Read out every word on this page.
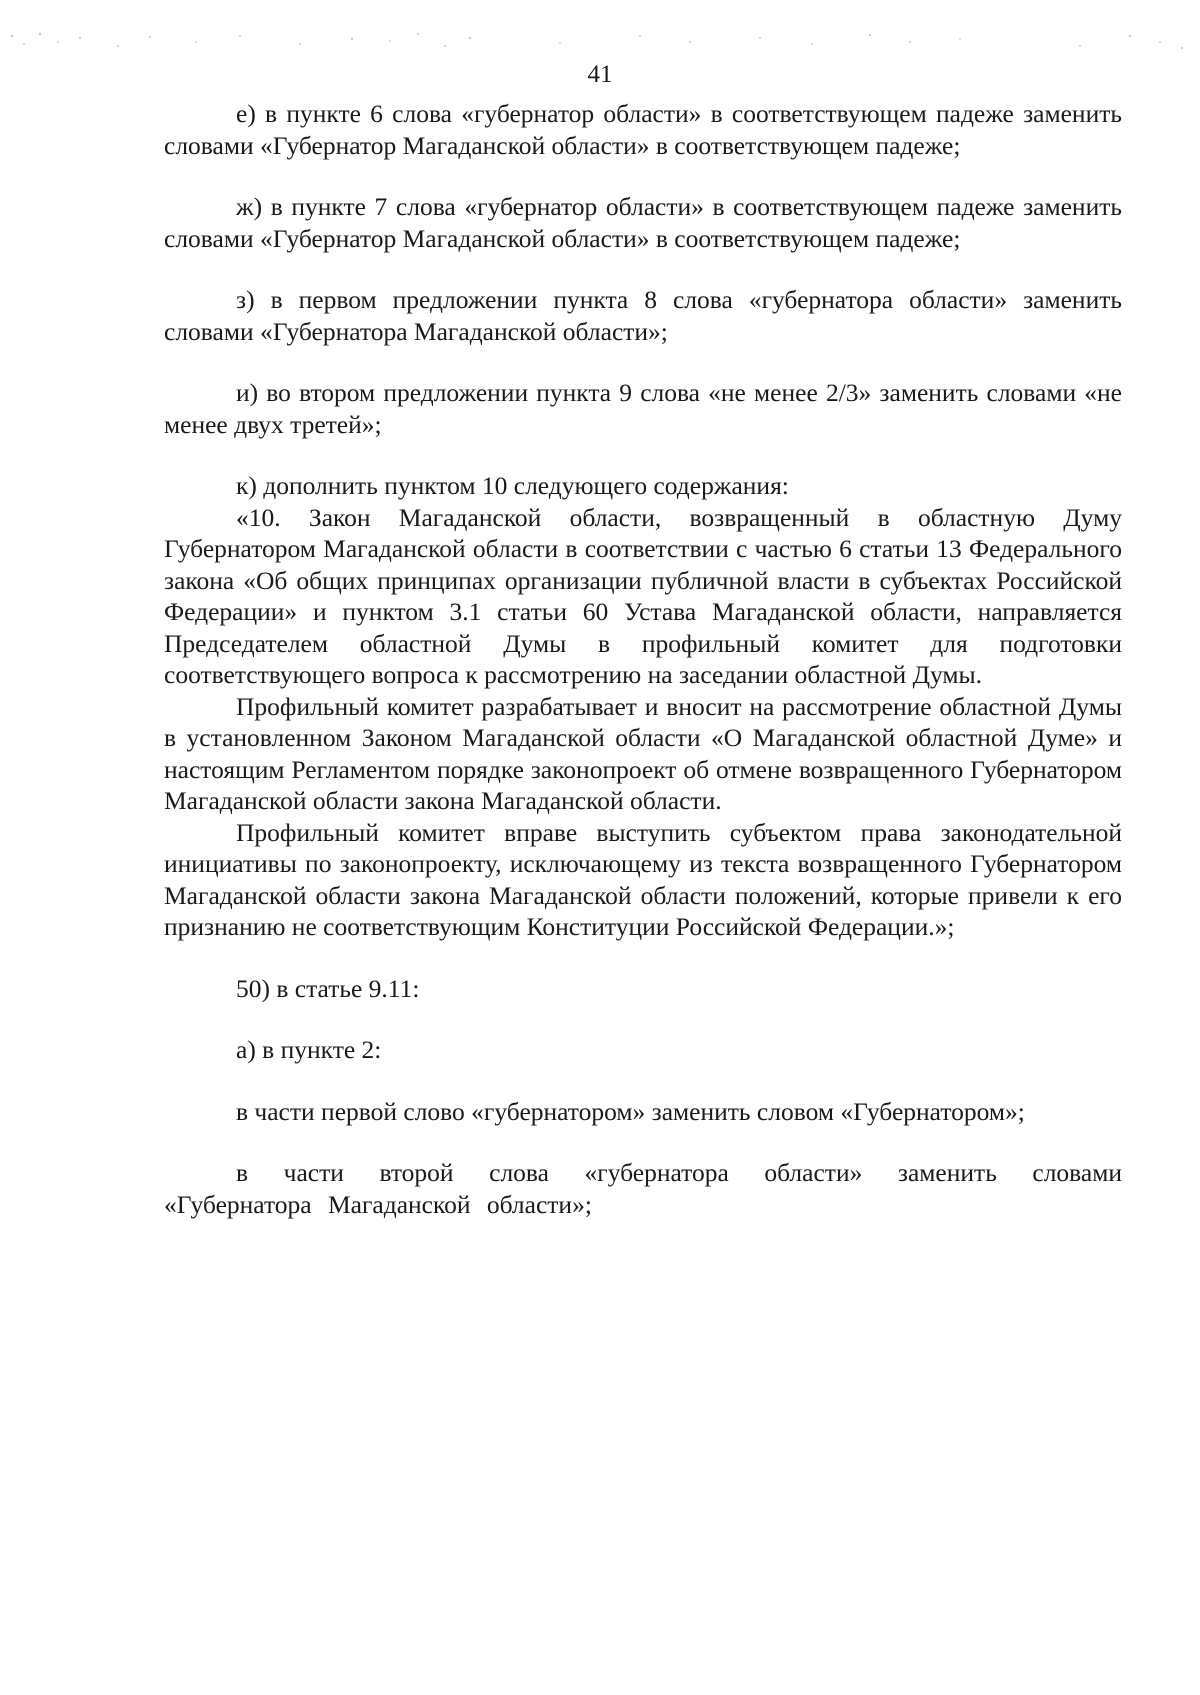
41

е) в пункте 6 слова «губернатор области» в соответствующем падеже заменить словами «Губернатор Магаданской области» в соответствующем падеже;

ж) в пункте 7 слова «губернатор области» в соответствующем падеже заменить словами «Губернатор Магаданской области» в соответствующем падеже;

з) в первом предложении пункта 8 слова «губернатора области» заменить словами «Губернатора Магаданской области»;

и) во втором предложении пункта 9 слова «не менее 2/3» заменить словами «не менее двух третей»;

к) дополнить пунктом 10 следующего содержания:

«10. Закон Магаданской области, возвращенный в областную Думу Губернатором Магаданской области в соответствии с частью 6 статьи 13 Федерального закона «Об общих принципах организации публичной власти в субъектах Российской Федерации» и пунктом 3.1 статьи 60 Устава Магаданской области, направляется Председателем областной Думы в профильный комитет для подготовки соответствующего вопроса к рассмотрению на заседании областной Думы.

Профильный комитет разрабатывает и вносит на рассмотрение областной Думы в установленном Законом Магаданской области «О Магаданской областной Думе» и настоящим Регламентом порядке законопроект об отмене возвращенного Губернатором Магаданской области закона Магаданской области.

Профильный комитет вправе выступить субъектом права законодательной инициативы по законопроекту, исключающему из текста возвращенного Губернатором Магаданской области закона Магаданской области положений, которые привели к его признанию не соответствующим Конституции Российской Федерации.»;

50) в статье 9.11:

а) в пункте 2:

в части первой слово «губернатором» заменить словом «Губернатором»;

в части второй слова «губернатора области» заменить словами «Губернатора Магаданской области»;
